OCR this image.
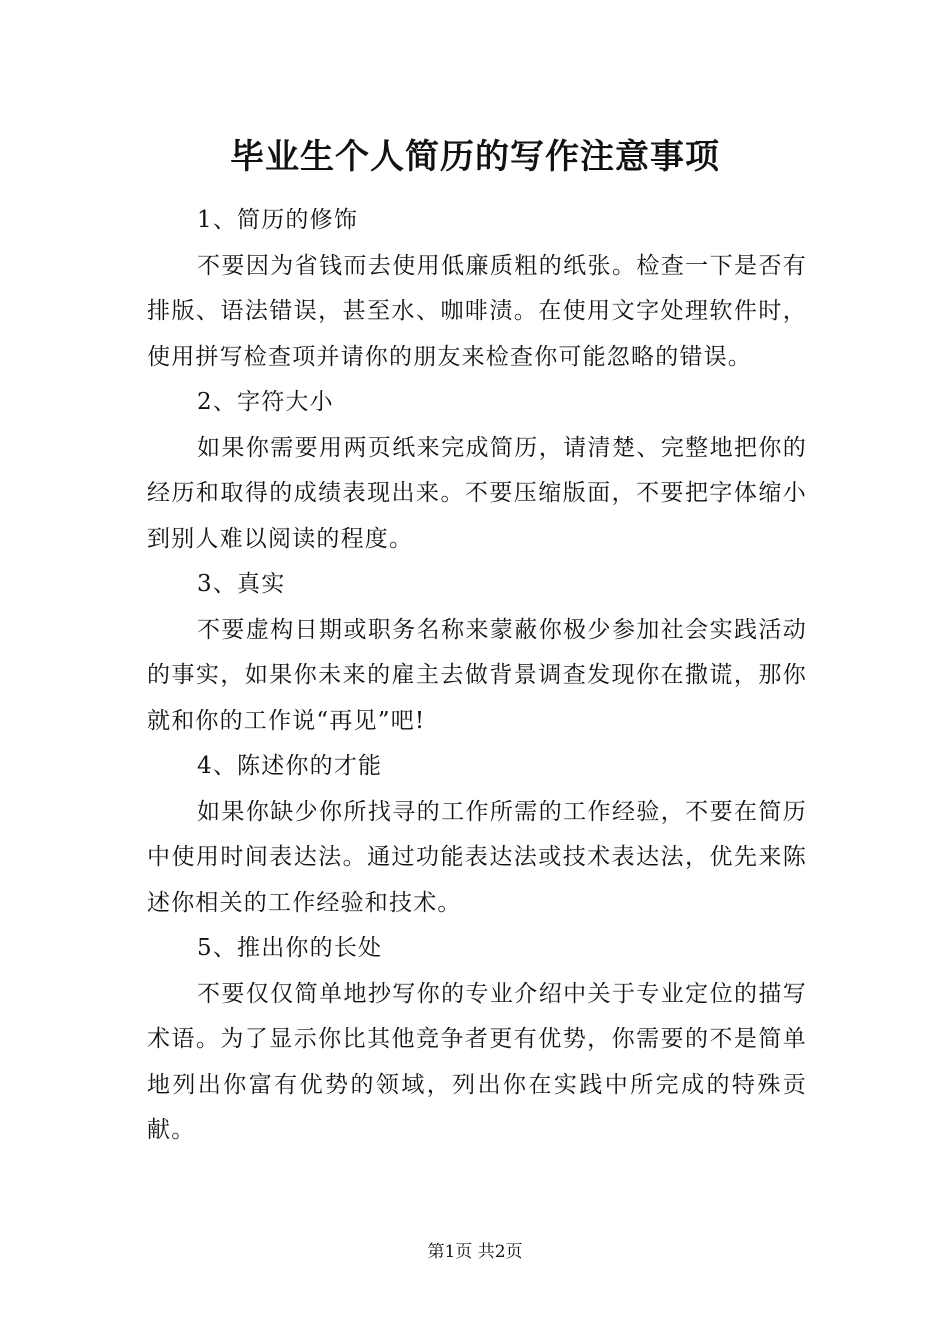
毕业生个人简历的写作注意事项

1、简历的修饰

不要因为省钱而去使用低廉质粗的纸张。检查一下是否有排版、语法错误，甚至水、咖啡渍。在使用文字处理软件时，使用拼写检查项并请你的朋友来检查你可能忽略的错误。

2、字符大小

如果你需要用两页纸来完成简历，请清楚、完整地把你的经历和取得的成绩表现出来。不要压缩版面，不要把字体缩小到别人难以阅读的程度。

3、真实

不要虚构日期或职务名称来蒙蔽你极少参加社会实践活动的事实，如果你未来的雇主去做背景调查发现你在撒谎，那你就和你的工作说“再见”吧!

4、陈述你的才能

如果你缺少你所找寻的工作所需的工作经验，不要在简历中使用时间表达法。通过功能表达法或技术表达法，优先来陈述你相关的工作经验和技术。

5、推出你的长处

不要仅仅简单地抄写你的专业介绍中关于专业定位的描写术语。为了显示你比其他竞争者更有优势，你需要的不是简单地列出你富有优势的领域，列出你在实践中所完成的特殊贡献。

第1页 共2页
